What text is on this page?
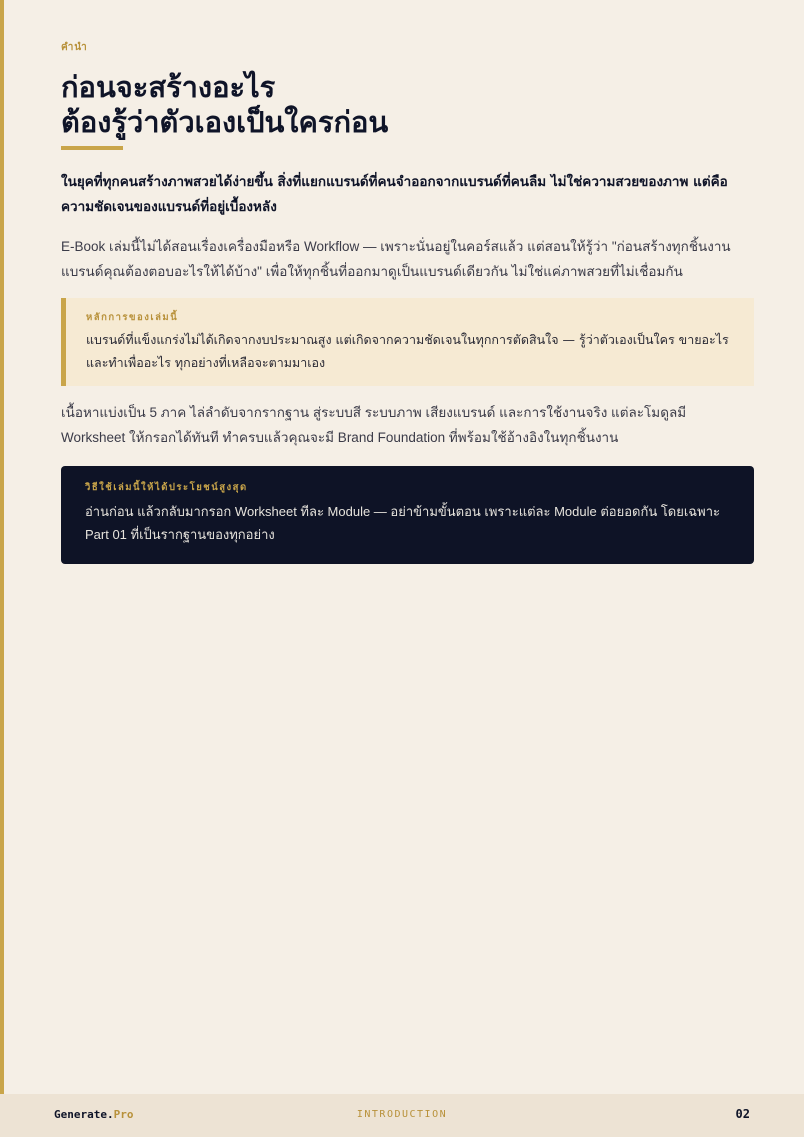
คำนำ
ก่อนจะสร้างอะไร
ต้องรู้ว่าตัวเองเป็นใครก่อน
ในยุคที่ทุกคนสร้างภาพสวยได้ง่ายขึ้น สิ่งที่แยกแบรนด์ที่คนจำออกจากแบรนด์ที่คนลืม ไม่ใช่ความสวยของภาพ แต่คือความชัดเจนของแบรนด์ที่อยู่เบื้องหลัง
E-Book เล่มนี้ไม่ได้สอนเรื่องเครื่องมือหรือ Workflow — เพราะนั่นอยู่ในคอร์สแล้ว แต่สอนให้รู้ว่า "ก่อนสร้างทุกชิ้นงาน แบรนด์คุณต้องตอบอะไรให้ได้บ้าง" เพื่อให้ทุกชิ้นที่ออกมาดูเป็นแบรนด์เดียวกัน ไม่ใช่แค่ภาพสวยที่ไม่เชื่อมกัน
หลักการของเล่มนี้
แบรนด์ที่แข็งแกร่งไม่ได้เกิดจากงบประมาณสูง แต่เกิดจากความชัดเจนในทุกการตัดสินใจ — รู้ว่าตัวเองเป็นใคร ขายอะไร และทำเพื่ออะไร ทุกอย่างที่เหลือจะตามมาเอง
เนื้อหาแบ่งเป็น 5 ภาค ไล่ลำดับจากรากฐาน สู่ระบบสี ระบบภาพ เสียงแบรนด์ และการใช้งานจริง แต่ละโมดูลมี Worksheet ให้กรอกได้ทันที ทำครบแล้วคุณจะมี Brand Foundation ที่พร้อมใช้อ้างอิงในทุกชิ้นงาน
วิธีใช้เล่มนี้ให้ได้ประโยชน์สูงสุด
อ่านก่อน แล้วกลับมากรอก Worksheet ทีละ Module — อย่าข้ามขั้นตอน เพราะแต่ละ Module ต่อยอดกัน โดยเฉพาะ Part 01 ที่เป็นรากฐานของทุกอย่าง
Generate.Pro	INTRODUCTION	02
